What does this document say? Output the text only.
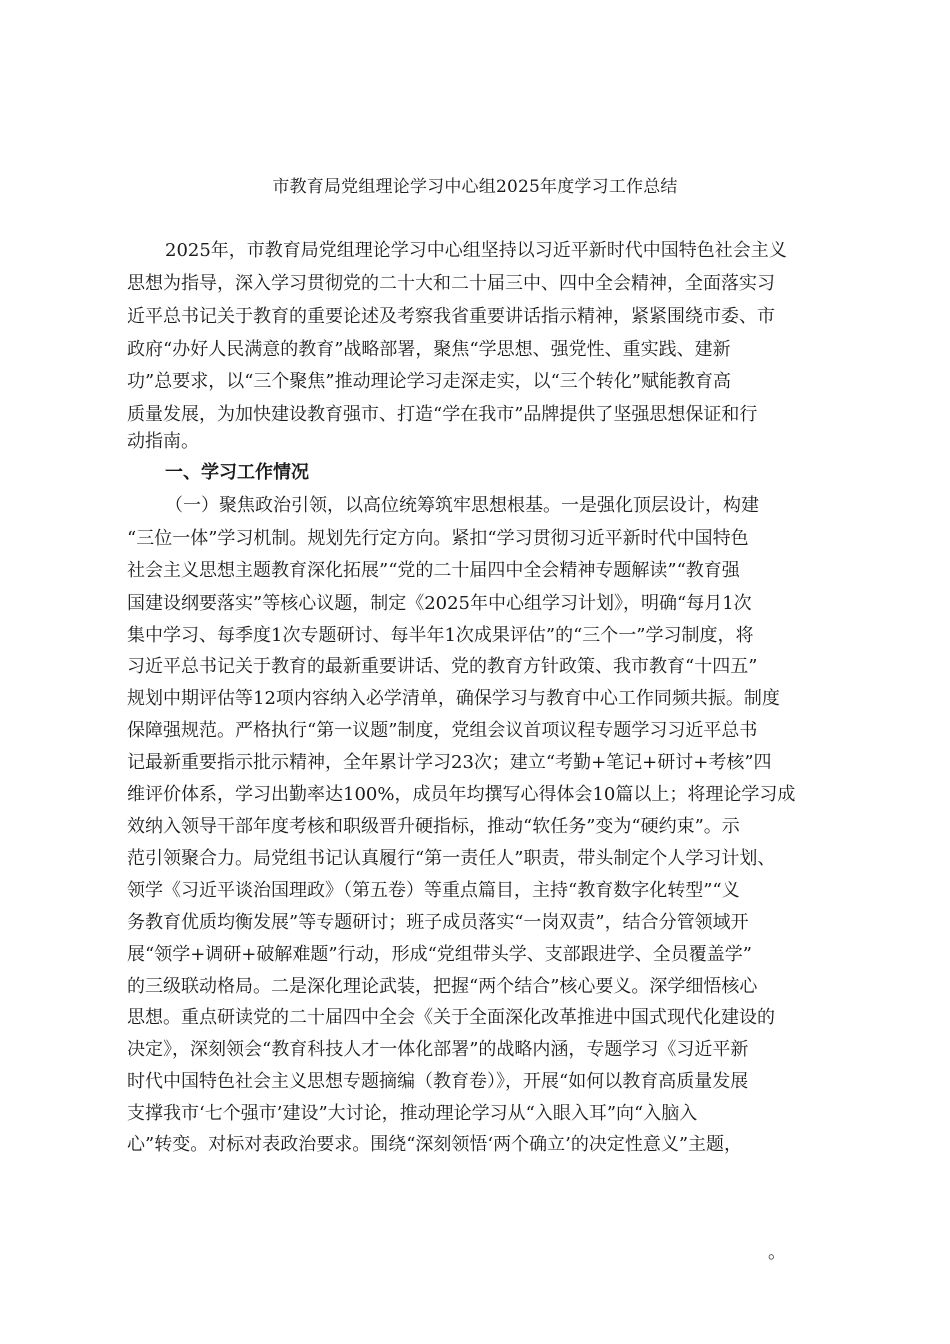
市教育局党组理论学习中心组2025年度学习工作总结
2025年，市教育局党组理论学习中心组坚持以习近平新时代中国特色社会主义
思想为指导，深入学习贯彻党的二十大和二十届三中、四中全会精神，全面落实习
近平总书记关于教育的重要论述及考察我省重要讲话指示精神，紧紧围绕市委、市
政府“办好人民满意的教育”战略部署，聚焦“学思想、强党性、重实践、建新
功”总要求，以“三个聚焦”推动理论学习走深走实，以“三个转化”赋能教育高
质量发展，为加快建设教育强市、打造“学在我市”品牌提供了坚强思想保证和行
动指南。
一、学习工作情况
（一）聚焦政治引领，以高位统筹筑牢思想根基。一是强化顶层设计，构建
“三位一体”学习机制。规划先行定方向。紧扣“学习贯彻习近平新时代中国特色
社会主义思想主题教育深化拓展”“党的二十届四中全会精神专题解读”“教育强
国建设纲要落实”等核心议题，制定《2025年中心组学习计划》，明确“每月1次
集中学习、每季度1次专题研讨、每半年1次成果评估”的“三个一”学习制度，将
习近平总书记关于教育的最新重要讲话、党的教育方针政策、我市教育“十四五”
规划中期评估等12项内容纳入必学清单，确保学习与教育中心工作同频共振。制度
保障强规范。严格执行“第一议题”制度，党组会议首项议程专题学习习近平总书
记最新重要指示批示精神，全年累计学习23次；建立“考勤+笔记+研讨+考核”四
维评价体系，学习出勤率达100%，成员年均撰写心得体会10篇以上；将理论学习成
效纳入领导干部年度考核和职级晋升硬指标，推动“软任务”变为“硬约束”。示
范引领聚合力。局党组书记认真履行“第一责任人”职责，带头制定个人学习计划、
领学《习近平谈治国理政》（第五卷）等重点篇目，主持“教育数字化转型”“义
务教育优质均衡发展”等专题研讨；班子成员落实“一岗双责”，结合分管领域开
展“领学+调研+破解难题”行动，形成“党组带头学、支部跟进学、全员覆盖学”
的三级联动格局。二是深化理论武装，把握“两个结合”核心要义。深学细悟核心
思想。重点研读党的二十届四中全会《关于全面深化改革推进中国式现代化建设的
决定》，深刻领会“教育科技人才一体化部署”的战略内涵，专题学习《习近平新
时代中国特色社会主义思想专题摘编（教育卷）》，开展“如何以教育高质量发展
支撑我市‘七个强市’建设”大讨论，推动理论学习从“入眼入耳”向“入脑入
心”转变。对标对表政治要求。围绕“深刻领悟‘两个确立’的决定性意义”主题，
。
